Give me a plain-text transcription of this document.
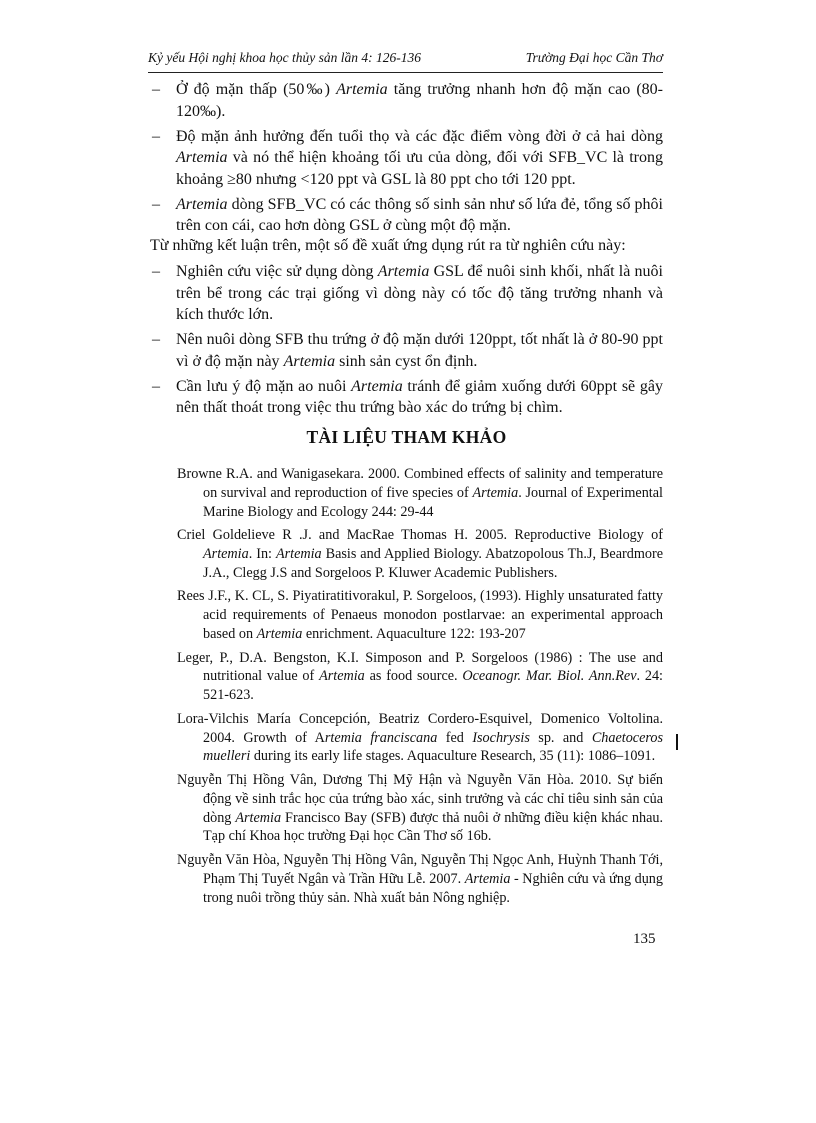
Kỷ yếu Hội nghị khoa học thủy sản lần 4: 126-136	Trường Đại học Cần Thơ
– Ở độ mặn thấp (50‰) Artemia tăng trưởng nhanh hơn độ mặn cao (80-120‰).
– Độ mặn ảnh hưởng đến tuổi thọ và các đặc điểm vòng đời ở cả hai dòng Artemia và nó thể hiện khoảng tối ưu của dòng, đối với SFB_VC là trong khoảng ≥80 nhưng <120 ppt và GSL là 80 ppt cho tới 120 ppt.
– Artemia dòng SFB_VC có các thông số sinh sản như số lứa đẻ, tổng số phôi trên con cái, cao hơn dòng GSL ở cùng một độ mặn.
Từ những kết luận trên, một số đề xuất ứng dụng rút ra từ nghiên cứu này:
– Nghiên cứu việc sử dụng dòng Artemia GSL để nuôi sinh khối, nhất là nuôi trên bể trong các trại giống vì dòng này có tốc độ tăng trưởng nhanh và kích thước lớn.
– Nên nuôi dòng SFB thu trứng ở độ mặn dưới 120ppt, tốt nhất là ở 80-90 ppt vì ở độ mặn này Artemia sinh sản cyst ổn định.
– Cần lưu ý độ mặn ao nuôi Artemia tránh để giảm xuống dưới 60ppt sẽ gây nên thất thoát trong việc thu trứng bào xác do trứng bị chìm.
TÀI LIỆU THAM KHẢO
Browne R.A. and Wanigasekara. 2000. Combined effects of salinity and temperature on survival and reproduction of five species of Artemia. Journal of Experimental Marine Biology and Ecology 244: 29-44
Criel Goldelieve R .J. and MacRae Thomas H. 2005. Reproductive Biology of Artemia. In: Artemia Basis and Applied Biology. Abatzopolous Th.J, Beardmore J.A., Clegg J.S and Sorgeloos P. Kluwer Academic Publishers.
Rees J.F., K. CL, S. Piyatiratitivorakul, P. Sorgeloos, (1993). Highly unsaturated fatty acid requirements of Penaeus monodon postlarvae: an experimental approach based on Artemia enrichment. Aquaculture 122: 193-207
Leger, P., D.A. Bengston, K.I. Simposon and P. Sorgeloos (1986) : The use and nutritional value of Artemia as food source. Oceanogr. Mar. Biol. Ann.Rev. 24: 521-623.
Lora-Vilchis María Concepción, Beatriz Cordero-Esquivel, Domenico Voltolina. 2004. Growth of Artemia franciscana fed Isochrysis sp. and Chaetoceros muelleri during its early life stages. Aquaculture Research, 35 (11): 1086–1091.
Nguyễn Thị Hồng Vân, Dương Thị Mỹ Hận và Nguyễn Văn Hòa. 2010. Sự biến động về sinh trắc học của trứng bào xác, sinh trưởng và các chỉ tiêu sinh sản của dòng Artemia Francisco Bay (SFB) được thả nuôi ở những điều kiện khác nhau. Tạp chí Khoa học trường Đại học Cần Thơ số 16b.
Nguyễn Văn Hòa, Nguyễn Thị Hồng Vân, Nguyễn Thị Ngọc Anh, Huỳnh Thanh Tới, Phạm Thị Tuyết Ngân và Trần Hữu Lễ. 2007. Artemia - Nghiên cứu và ứng dụng trong nuôi trồng thủy sản. Nhà xuất bản Nông nghiệp.
135
